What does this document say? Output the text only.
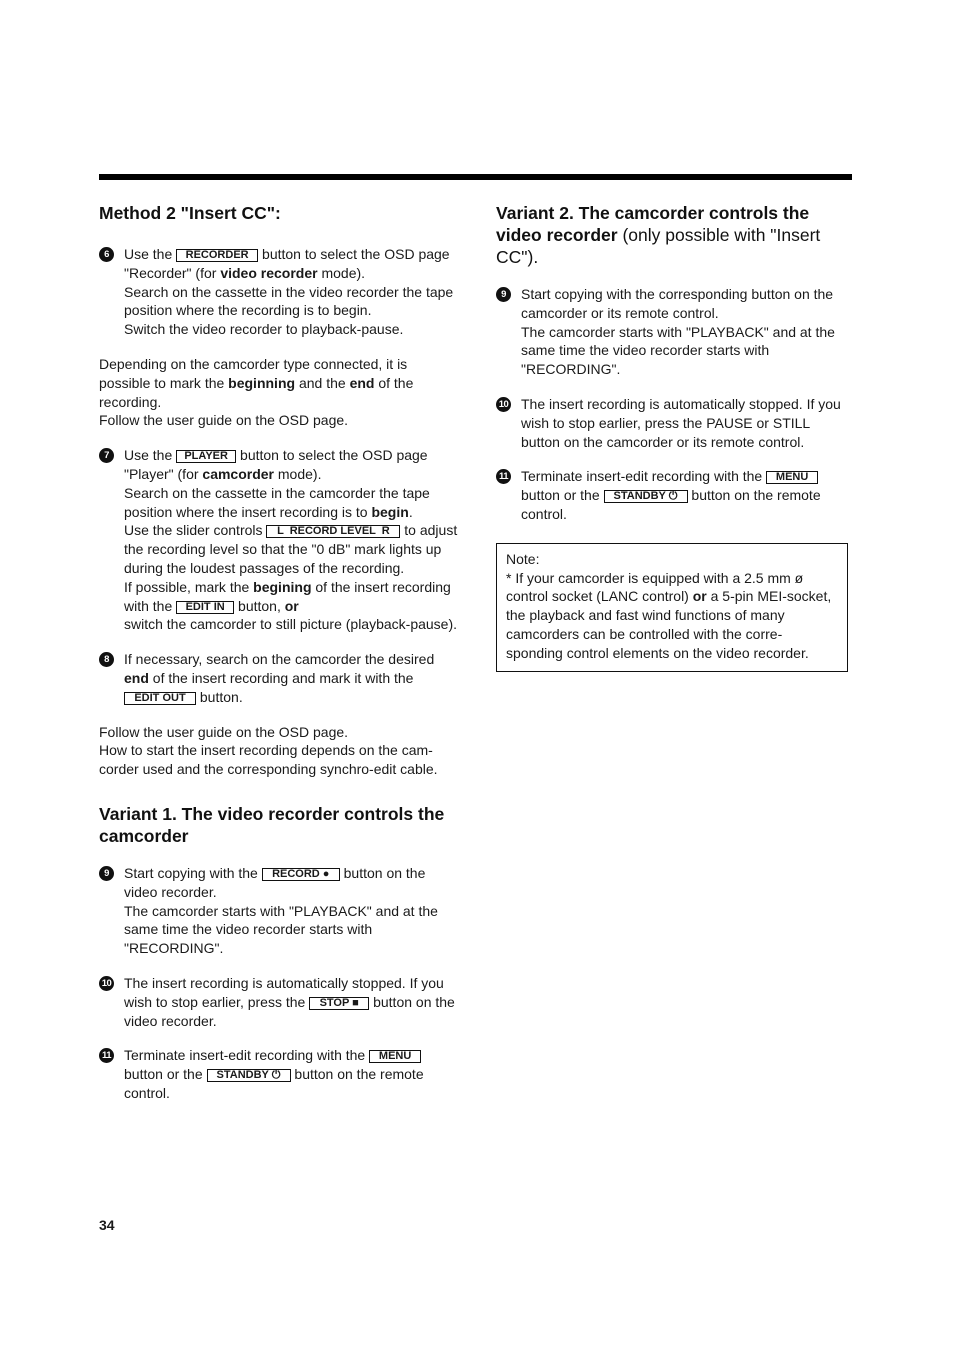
Method 2 "Insert CC":
6	Use the RECORDER button to select the OSD page "Recorder" (for video recorder mode).

Search on the cassette in the video recorder the tape position where the recording is to begin.

Switch the video recorder to playback-pause.

Depending on the camcorder type connected, it is possible to mark the beginning and the end of the recording.

Follow the user guide on the OSD page.

7	Use the PLAYER button to select the OSD page "Player" (for camcorder mode).

Search on the cassette in the camcorder the tape position where the insert recording is to begin.

Use the slider controls L  RECORD LEVEL  R to adjust the recording level so that the "0 dB" mark lights up during the loudest passages of the recording.

If possible, mark the begining of the insert recording with the EDIT IN button, or

switch the camcorder to still picture (playback-pause).

8	If necessary, search on the camcorder the desired end of the insert recording and mark it with the EDIT OUT button.

Follow the user guide on the OSD page.

How to start the insert recording depends on the cam-corder used and the corresponding synchro-edit cable.

Variant 1. The video recorder controls the camcorder
9	Start copying with the RECORD ● button on the video recorder.

The camcorder starts with "PLAYBACK" and at the same time the video recorder starts with "RECORDING".

10 The insert recording is automatically stopped. If you wish to stop earlier, press the STOP ■ button on the video recorder.

11 Terminate insert-edit recording with the MENU button or the STANDBY ⏻ button on the remote control.

Variant 2. The camcorder controls the video recorder (only possible with "Insert CC").
9	Start copying with the corresponding button on the camcorder or its remote control.

The camcorder starts with "PLAYBACK" and at the same time the video recorder starts with "RECORDING".

10 The insert recording is automatically stopped. If you wish to stop earlier, press the PAUSE or STILL button on the camcorder or its remote control.

11 Terminate insert-edit recording with the MENU button or the STANDBY ⏻ button on the remote control.

Note:

* If your camcorder is equipped with a 2.5 mm ø control socket (LANC control) or a 5-pin MEI-socket, the playback and fast wind functions of many camcorders can be controlled with the corre-sponding control elements on the video recorder.

34
